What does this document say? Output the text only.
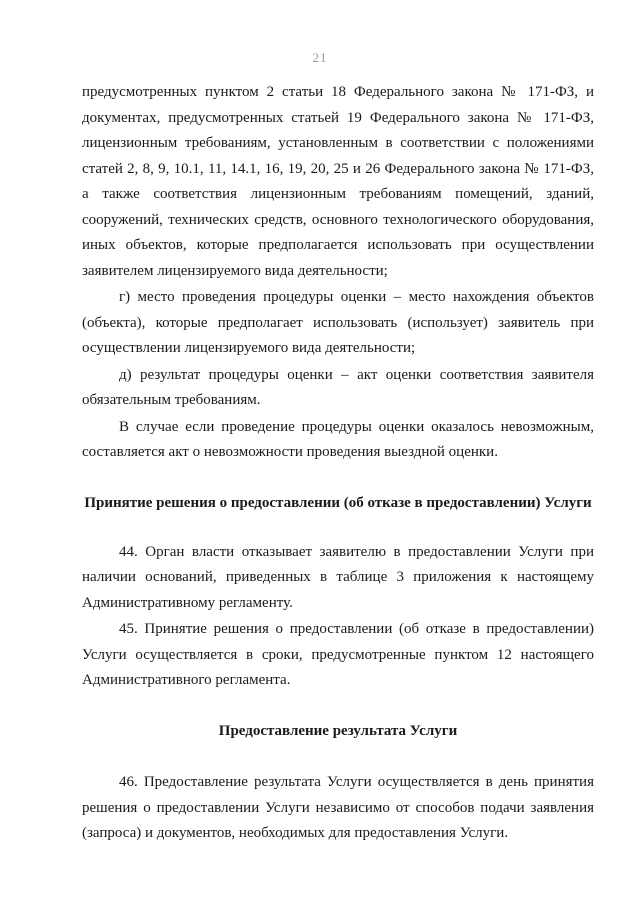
21

предусмотренных пунктом 2 статьи 18 Федерального закона № 171-ФЗ, и документах, предусмотренных статьей 19 Федерального закона № 171-ФЗ, лицензионным требованиям, установленным в соответствии с положениями статей 2, 8, 9, 10.1, 11, 14.1, 16, 19, 20, 25 и 26 Федерального закона № 171-ФЗ, а также соответствия лицензионным требованиям помещений, зданий, сооружений, технических средств, основного технологического оборудования, иных объектов, которые предполагается использовать при осуществлении заявителем лицензируемого вида деятельности;

г) место проведения процедуры оценки – место нахождения объектов (объекта), которые предполагает использовать (использует) заявитель при осуществлении лицензируемого вида деятельности;

д) результат процедуры оценки – акт оценки соответствия заявителя обязательным требованиям.

В случае если проведение процедуры оценки оказалось невозможным, составляется акт о невозможности проведения выездной оценки.

Принятие решения о предоставлении (об отказе в предоставлении) Услуги

44. Орган власти отказывает заявителю в предоставлении Услуги при наличии оснований, приведенных в таблице 3 приложения к настоящему Административному регламенту.

45. Принятие решения о предоставлении (об отказе в предоставлении) Услуги осуществляется в сроки, предусмотренные пунктом 12 настоящего Административного регламента.

Предоставление результата Услуги

46. Предоставление результата Услуги осуществляется в день принятия решения о предоставлении Услуги независимо от способов подачи заявления (запроса) и документов, необходимых для предоставления Услуги.
